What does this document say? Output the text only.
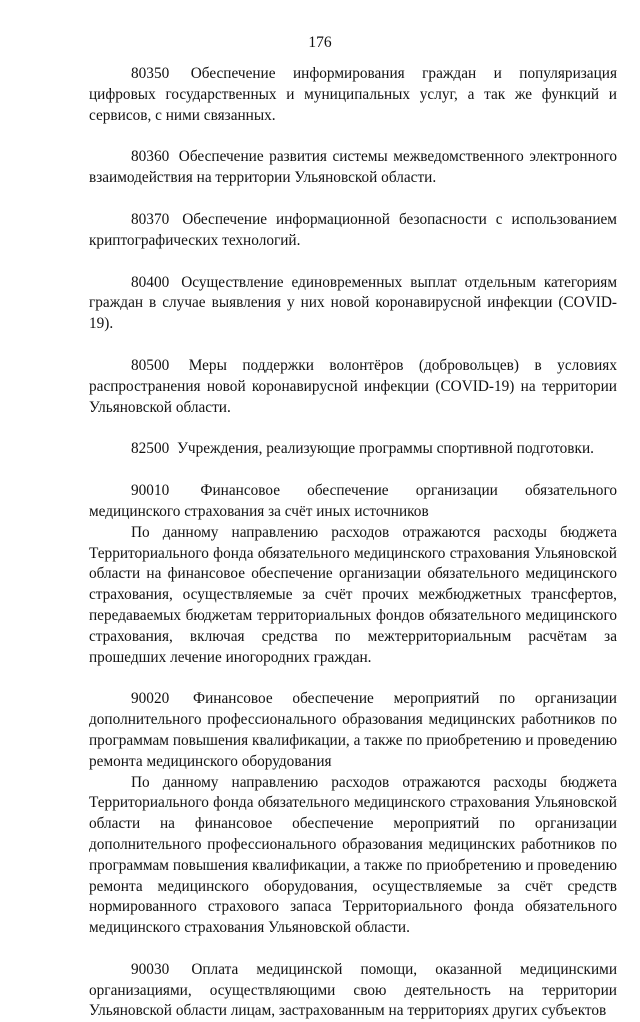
176

80350 Обеспечение информирования граждан и популяризация цифровых государственных и муниципальных услуг, а так же функций и сервисов, с ними связанных.

80360 Обеспечение развития системы межведомственного электронного взаимодействия на территории Ульяновской области.

80370 Обеспечение информационной безопасности с использованием криптографических технологий.

80400 Осуществление единовременных выплат отдельным категориям граждан в случае выявления у них новой коронавирусной инфекции (COVID-19).

80500 Меры поддержки волонтёров (добровольцев) в условиях распространения новой коронавирусной инфекции (COVID-19) на территории Ульяновской области.

82500 Учреждения, реализующие программы спортивной подготовки.

90010 Финансовое обеспечение организации обязательного медицинского страхования за счёт иных источников

По данному направлению расходов отражаются расходы бюджета Территориального фонда обязательного медицинского страхования Ульяновской области на финансовое обеспечение организации обязательного медицинского страхования, осуществляемые за счёт прочих межбюджетных трансфертов, передаваемых бюджетам территориальных фондов обязательного медицинского страхования, включая средства по межтерриториальным расчётам за прошедших лечение иногородних граждан.

90020 Финансовое обеспечение мероприятий по организации дополнительного профессионального образования медицинских работников по программам повышения квалификации, а также по приобретению и проведению ремонта медицинского оборудования

По данному направлению расходов отражаются расходы бюджета Территориального фонда обязательного медицинского страхования Ульяновской области на финансовое обеспечение мероприятий по организации дополнительного профессионального образования медицинских работников по программам повышения квалификации, а также по приобретению и проведению ремонта медицинского оборудования, осуществляемые за счёт средств нормированного страхового запаса Территориального фонда обязательного медицинского страхования Ульяновской области.

90030 Оплата медицинской помощи, оказанной медицинскими организациями, осуществляющими свою деятельность на территории Ульяновской области лицам, застрахованным на территориях других субъектов
